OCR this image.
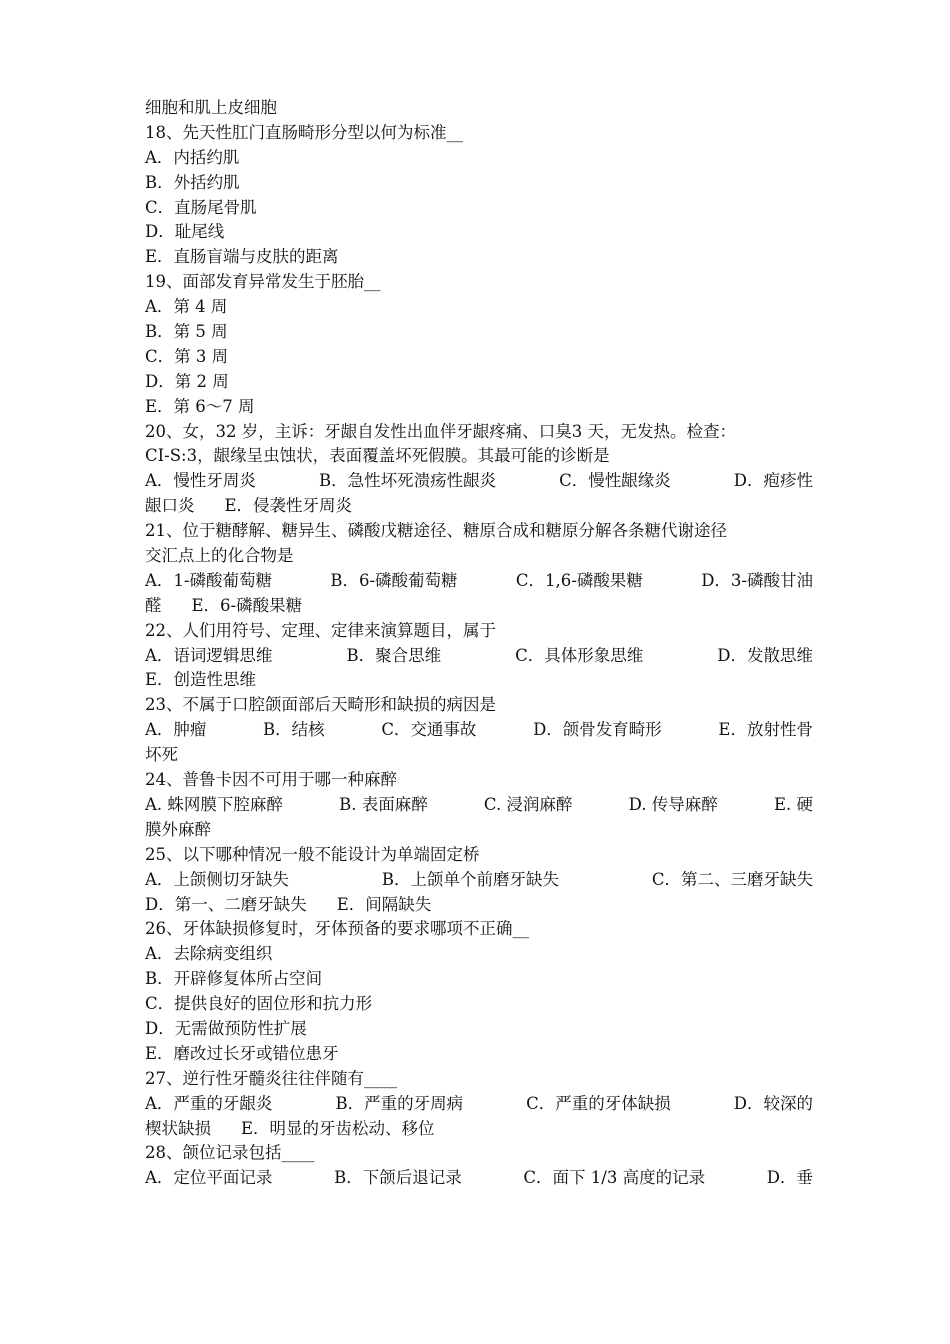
细胞和肌上皮细胞
18、先天性肛门直肠畸形分型以何为标准__
A．内括约肌
B．外括约肌
C．直肠尾骨肌
D．耻尾线
E．直肠盲端与皮肤的距离
19、面部发育异常发生于胚胎__
A．第 4 周
B．第 5 周
C．第 3 周
D．第 2 周
E．第 6～7 周
20、女，32 岁，主诉：牙龈自发性出血伴牙龈疼痛、口臭3 天，无发热。检查：
CI-S:3，龈缘呈虫蚀状，表面覆盖坏死假膜。其最可能的诊断是
A．慢性牙周炎	B．急性坏死溃疡性龈炎	C．慢性龈缘炎	D．疱疹性
龈口炎 E．侵袭性牙周炎
21、位于糖酵解、糖异生、磷酸戊糖途径、糖原合成和糖原分解各条糖代谢途径
交汇点上的化合物是
A．1-磷酸葡萄糖	B．6-磷酸葡萄糖	C．1,6-磷酸果糖	D．3-磷酸甘油
醛 E．6-磷酸果糖
22、人们用符号、定理、定律来演算题目，属于
A．语词逻辑思维	B．聚合思维	C．具体形象思维	D．发散思维
E．创造性思维
23、不属于口腔颌面部后天畸形和缺损的病因是
A．肿瘤	B．结核	C．交通事故	D．颌骨发育畸形	E．放射性骨
坏死
24、普鲁卡因不可用于哪一种麻醉
A. 蛛网膜下腔麻醉	B. 表面麻醉	C. 浸润麻醉	D. 传导麻醉	E. 硬
膜外麻醉
25、以下哪种情况一般不能设计为单端固定桥
A．上颌侧切牙缺失	B．上颌单个前磨牙缺失	C．第二、三磨牙缺失
D．第一、二磨牙缺失 E．间隔缺失
26、牙体缺损修复时，牙体预备的要求哪项不正确__
A．去除病变组织
B．开辟修复体所占空间
C．提供良好的固位形和抗力形
D．无需做预防性扩展
E．磨改过长牙或错位患牙
27、逆行性牙髓炎往往伴随有____
A．严重的牙龈炎	B．严重的牙周病	C．严重的牙体缺损	D．较深的
楔状缺损 E．明显的牙齿松动、移位
28、颌位记录包括____
A．定位平面记录	B．下颌后退记录	C．面下 1/3 高度的记录	D．垂
